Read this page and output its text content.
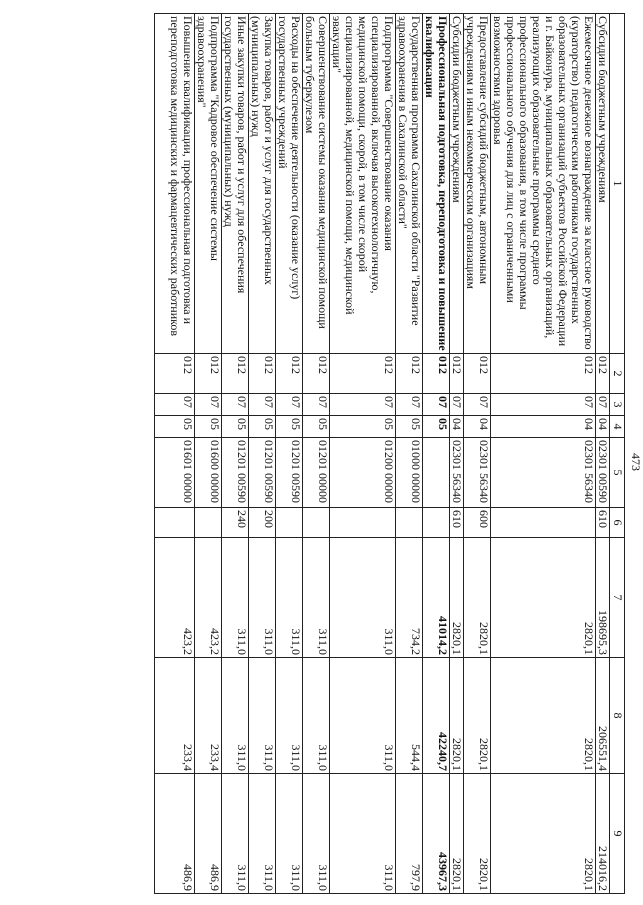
473
1	2	3	4	5	6	7	8	9
Субсидии бюджетным учреждениям	012	07	04	02301 00590	610	198695,3	206551,4	214016,2
Ежемесячное денежное вознаграждение за классное руководство (кураторство) педагогическим работникам государственных образовательных организаций субъектов Российской Федерации и г. Байконура, муниципальных образовательных организаций, реализующих образовательные программы среднего профессионального образования, в том числе программы профессионального обучения для лиц с ограниченными возможностями здоровья	012	07	04	02301 56340		2820,1	2820,1	2820,1
Предоставление субсидий бюджетным, автономным учреждениям и иным некоммерческим организациям	012	07	04	02301 56340	600	2820,1	2820,1	2820,1
Субсидии бюджетным учреждениям	012	07	04	02301 56340	610	2820,1	2820,1	2820,1
Профессиональная подготовка, переподготовка и повышение квалификации	012	07	05			41014,2	42240,7	43967,3
Государственная программа Сахалинской области "Развитие здравоохранения в Сахалинской области"	012	07	05	01000 00000		734,2	544,4	797,9
Подпрограмма "Совершенствование оказания специализированной, включая высокотехнологичную, медицинской помощи, скорой, в том числе скорой специализированной, медицинской помощи, медицинской эвакуации"	012	07	05	01200 00000		311,0	311,0	311,0
Совершенствование системы оказания медицинской помощи больным туберкулезом	012	07	05	01201 00000		311,0	311,0	311,0
Расходы на обеспечение деятельности (оказание услуг) государственных учреждений	012	07	05	01201 00590		311,0	311,0	311,0
Закупка товаров, работ и услуг для государственных (муниципальных) нужд	012	07	05	01201 00590	200	311,0	311,0	311,0
Иные закупки товаров, работ и услуг для обеспечения государственных (муниципальных) нужд	012	07	05	01201 00590	240	311,0	311,0	311,0
Подпрограмма "Кадровое обеспечение системы здравоохранения"	012	07	05	01600 00000		423,2	233,4	486,9
Повышение квалификации, профессиональная подготовка и переподготовка медицинских и фармацевтических работников	012	07	05	01601 00000		423,2	233,4	486,9
